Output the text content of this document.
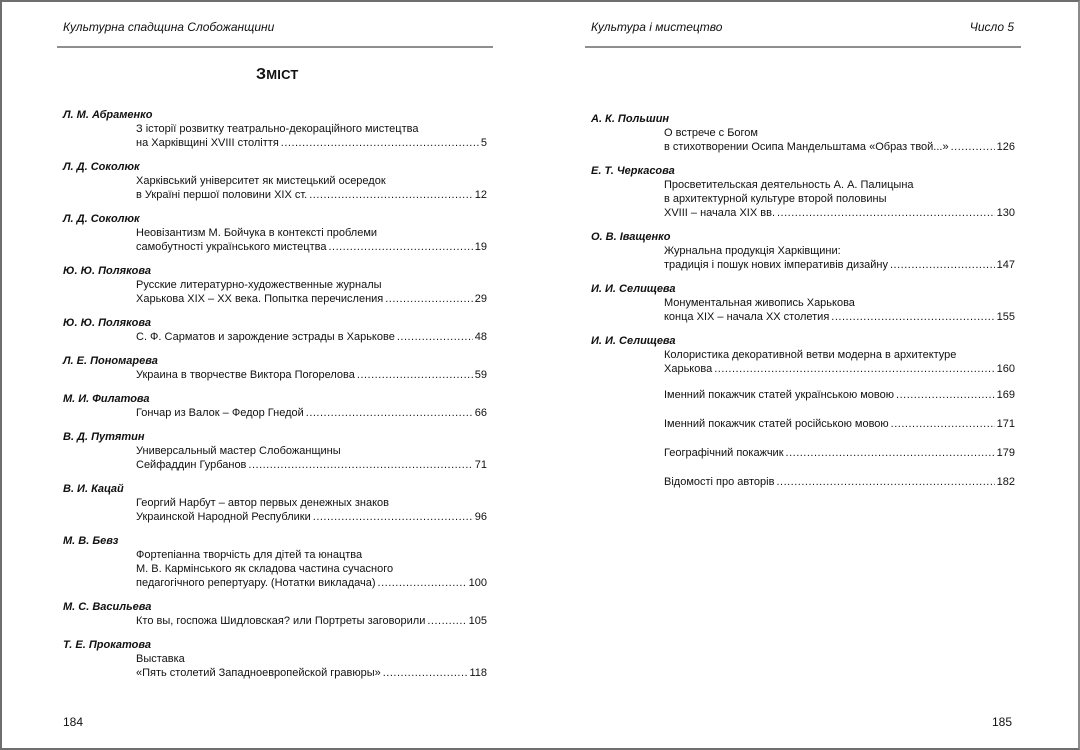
Культурна спадщина Слобожанщини
ЗМІСТ
Л. М. Абраменко
З історії розвитку театрально-декораційного мистецтва
на Харківщині XVIII століття .....	5
Л. Д. Соколюк
Харківський університет як мистецький осередок
в Україні першої половини XIX ст. .....	12
Л. Д. Соколюк
Неовізантизм М. Бойчука в контексті проблеми
самобутності українського мистецтва .....	19
Ю. Ю. Полякова
Русские литературно-художественные журналы
Харькова XIX – XX века. Попытка перечисления .....	29
Ю. Ю. Полякова
С. Ф. Сарматов и зарождение эстрады в Харькове .....	48
Л. Е. Пономарева
Украина в творчестве Виктора Погорелова .....	59
М. И. Филатова
Гончар из Валок – Федор Гнедой .....	66
В. Д. Путятин
Универсальный мастер Слобожанщины
Сейфаддин Гурбанов .....	71
В. И. Кацай
Георгий Нарбут – автор первых денежных знаков
Украинской Народной Республики .....	96
М. В. Бевз
Фортепіанна творчість для дітей та юнацтва
М. В. Кармінського як складова частина сучасного
педагогічного репертуару. (Нотатки викладача) .....	100
М. С. Васильева
Кто вы, госпожа Шидловская? или Портреты заговорили .....	105
Т. Е. Прокатова
Выставка
«Пять столетий Западноевропейской гравюры» .....	118
184
Культура і мистецтво	Число 5
А. К. Польшин
О встрече с Богом
в стихотворении Осипа Мандельштама «Образ твой...» .....	126
Е. Т. Черкасова
Просветительская деятельность А. А. Палицына
в архитектурной культуре второй половины
XVIII – начала XIX вв. .....	130
О. В. Іващенко
Журнальна продукція Харківщини:
традиція і пошук нових імперативів дизайну .....	147
И. И. Селищева
Монументальная живопись Харькова
конца XIX – начала XX столетия .....	155
И. И. Селищева
Колористика декоративной ветви модерна в архитектуре
Харькова .....	160
Іменний покажчик статей українською мовою .....	169
Іменний покажчик статей російською мовою .....	171
Географічний покажчик .....	179
Відомості про авторів .....	182
185
